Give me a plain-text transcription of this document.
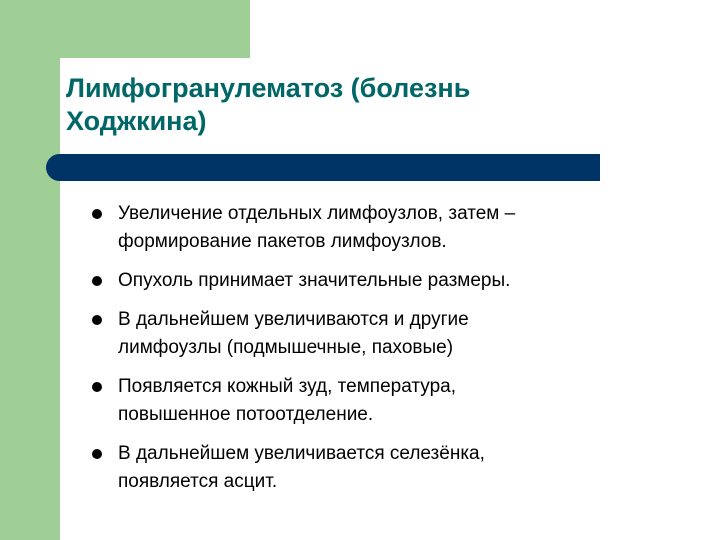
Лимфогранулематоз (болезнь
Ходжкина)
Увеличение отдельных лимфоузлов, затем –
формирование пакетов лимфоузлов.
Опухоль принимает значительные размеры.
В дальнейшем увеличиваются и другие
лимфоузлы (подмышечные, паховые)
Появляется кожный зуд, температура,
повышенное потоотделение.
В дальнейшем увеличивается селезёнка,
появляется асцит.
